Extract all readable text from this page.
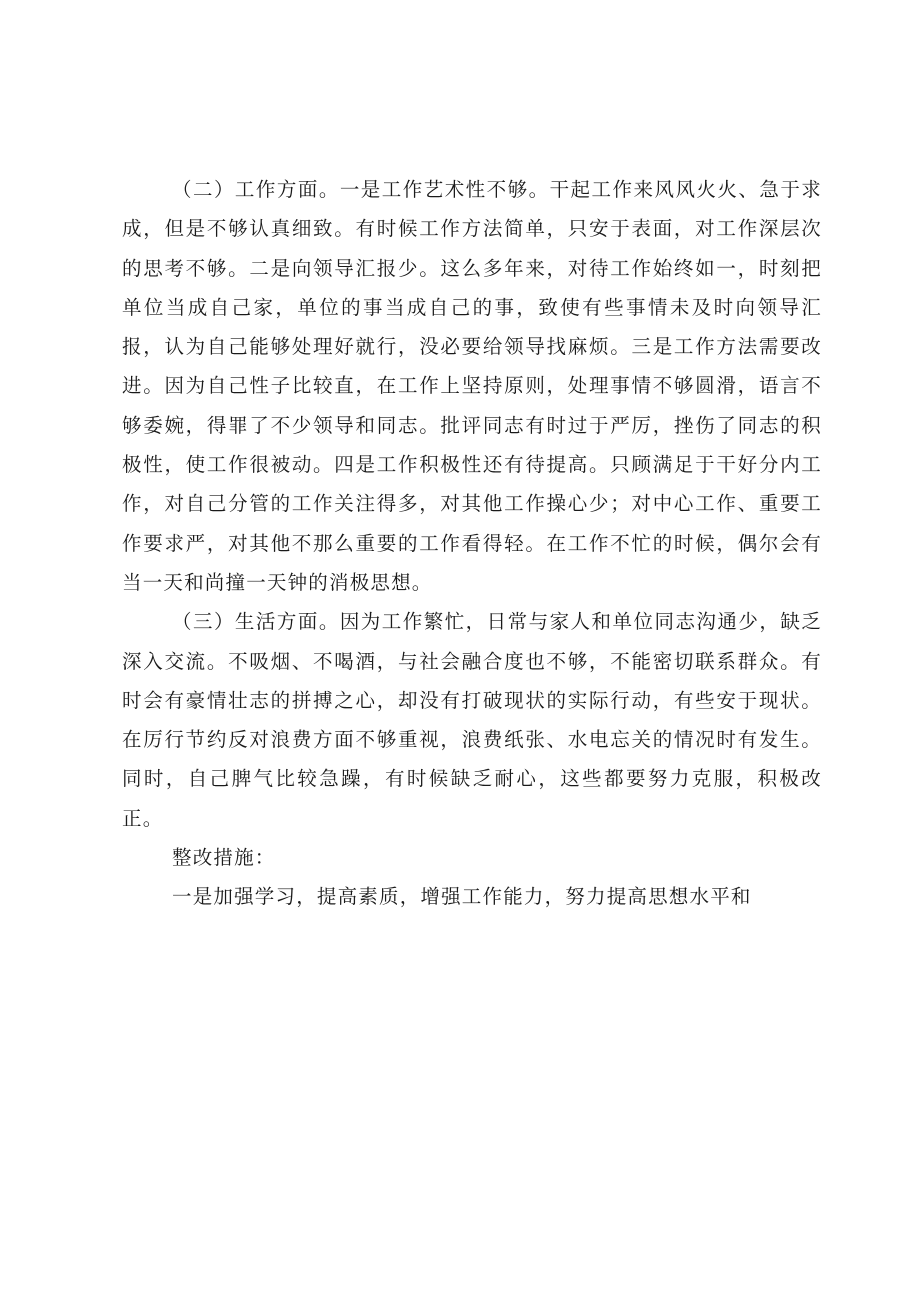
（二）工作方面。一是工作艺术性不够。干起工作来风风火火、急于求成，但是不够认真细致。有时候工作方法简单，只安于表面，对工作深层次的思考不够。二是向领导汇报少。这么多年来，对待工作始终如一，时刻把单位当成自己家，单位的事当成自己的事，致使有些事情未及时向领导汇报，认为自己能够处理好就行，没必要给领导找麻烦。三是工作方法需要改进。因为自己性子比较直，在工作上坚持原则，处理事情不够圆滑，语言不够委婉，得罪了不少领导和同志。批评同志有时过于严厉，挫伤了同志的积极性，使工作很被动。四是工作积极性还有待提高。只顾满足于干好分内工作，对自己分管的工作关注得多，对其他工作操心少；对中心工作、重要工作要求严，对其他不那么重要的工作看得轻。在工作不忙的时候，偶尔会有当一天和尚撞一天钟的消极思想。

（三）生活方面。因为工作繁忙，日常与家人和单位同志沟通少，缺乏深入交流。不吸烟、不喝酒，与社会融合度也不够，不能密切联系群众。有时会有豪情壮志的拼搏之心，却没有打破现状的实际行动，有些安于现状。在厉行节约反对浪费方面不够重视，浪费纸张、水电忘关的情况时有发生。同时，自己脾气比较急躁，有时候缺乏耐心，这些都要努力克服，积极改正。

整改措施：

一是加强学习，提高素质，增强工作能力，努力提高思想水平和
